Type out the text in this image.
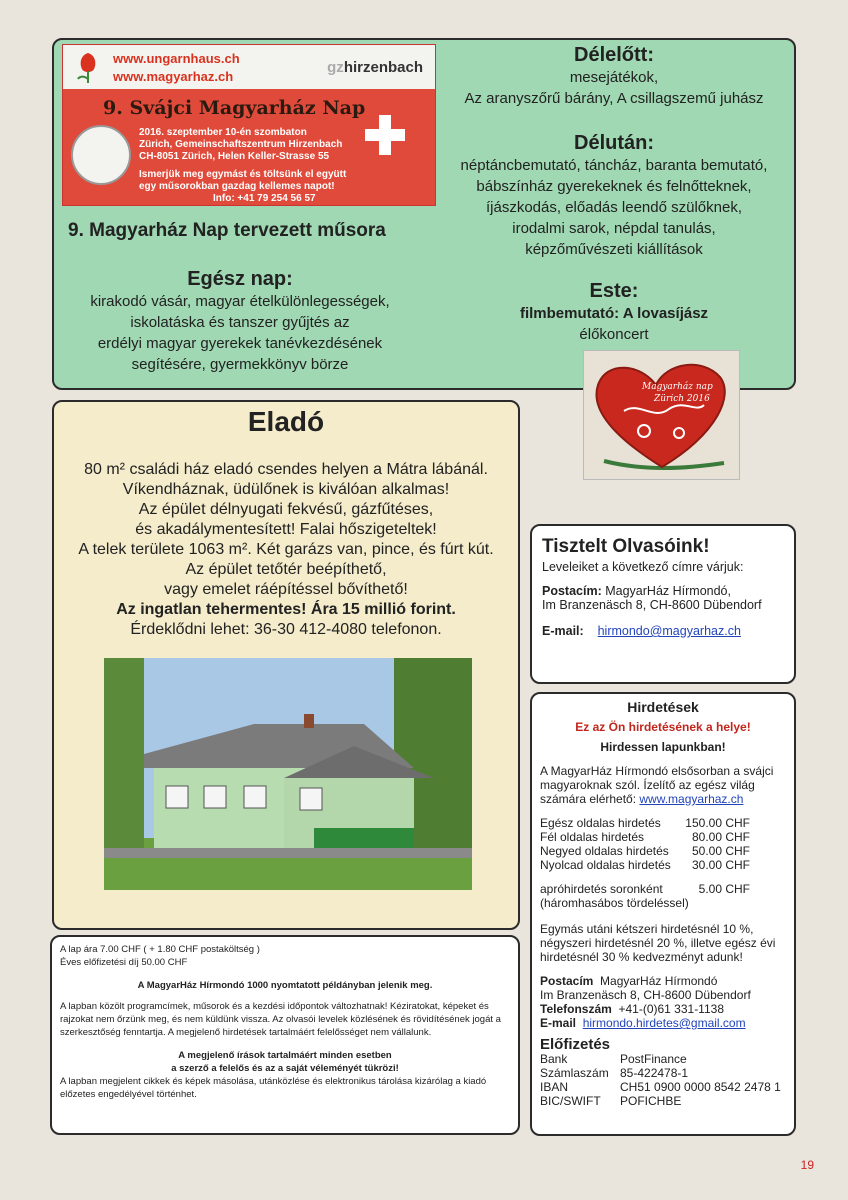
www.ungarnhaus.ch
www.magyarhaz.ch
gzhirzenbach
9. Svájci Magyarház Nap
2016. szeptember 10-én szombaton
Zürich, Gemeinschaftszentrum Hirzenbach
CH-8051 Zürich, Helen Keller-Strasse 55
Ismerjük meg egymást és töltsünk el együtt
egy műsorokban gazdag kellemes napot!
Info: +41 79 254 56 57
9. Magyarház Nap tervezett műsora
Egész nap:
kirakodó vásár, magyar ételkülönlegességek,
iskolatáska és tanszer gyűjtés az
erdélyi magyar gyerekek tanévkezdésének
segítésére, gyermekkönyv börze
Délelőtt:
mesejátékok,
Az aranyszőrű bárány, A csillagszemű juhász
Délután:
néptáncbemutató, táncház, baranta bemutató,
bábszínház gyerekeknek és felnőtteknek,
íjászkodás, előadás leendő szülőknek,
irodalmi sarok, népdal tanulás,
képzőművészeti kiállítások
Este:
filmbemutató: A lovasíjász
élőkoncert
Magyarház nap
Zürich 2016
Eladó
80 m² családi ház eladó csendes helyen a Mátra lábánál.
Víkendháznak, üdülőnek is kiválóan alkalmas!
Az épület délnyugati fekvésű, gázfűtéses,
és akadálymentesített! Falai hőszigeteltek!
A telek területe 1063 m². Két garázs van, pince, és fúrt kút.
Az épület tetőtér beépíthető,
vagy emelet ráépítéssel bővíthető!
Az ingatlan tehermentes! Ára 15 millió forint.
Érdeklődni lehet: 36-30 412-4080 telefonon.
A lap ára 7.00 CHF ( + 1.80 CHF postaköltség )
Éves előfizetési díj 50.00 CHF
A MagyarHáz Hírmondó 1000 nyomtatott példányban jelenik meg.
A lapban közölt programcímek, műsorok és a kezdési időpontok változhatnak! Kéziratokat, képeket és rajzokat nem őrzünk meg, és nem küldünk vissza. Az olvasói levelek közlésének és rövidítésének jogát a szerkesztőség fenntartja. A megjelenő hirdetések tartalmáért felelősséget nem vállalunk.
A megjelenő írások tartalmáért minden esetben
a szerző a felelős és az a saját véleményét tükrözi!
A lapban megjelent cikkek és képek másolása, utánközlése és elektronikus tárolása kizárólag a kiadó előzetes engedélyével történhet.
Tisztelt Olvasóink!
Leveleiket a következő címre várjuk:
Postacím: MagyarHáz Hírmondó,
Im Branzenäsch 8, CH-8600 Dübendorf
E-mail: hirmondo@magyarhaz.ch
Hirdetések
Ez az Ön hirdetésének a helye!
Hirdessen lapunkban!
A MagyarHáz Hírmondó elsősorban a svájci magyaroknak szól. Ízelítő az egész világ számára elérhető: www.magyarhaz.ch
Egész oldalas hirdetés 150.00 CHF
Fél oldalas hirdetés	80.00 CHF
Negyed oldalas hirdetés 50.00 CHF
Nyolcad oldalas hirdetés 30.00 CHF
apróhirdetés soronként	5.00 CHF
(háromhasábos tördeléssel)
Egymás utáni kétszeri hirdetésnél 10 %, négyszeri hirdetésnél 20 %, illetve egész évi hirdetésnél 30 % kedvezményt adunk!
Postacím MagyarHáz Hírmondó
Im Branzenäsch 8, CH-8600 Dübendorf
Telefonszám +41-(0)61 331-1138
E-mail hirmondo.hirdetes@gmail.com
Előfizetés
Bank	PostFinance
Számlaszám 85-422478-1
IBAN	CH51 0900 0000 8542 2478 1
BIC/SWIFT	POFICHBE
19
